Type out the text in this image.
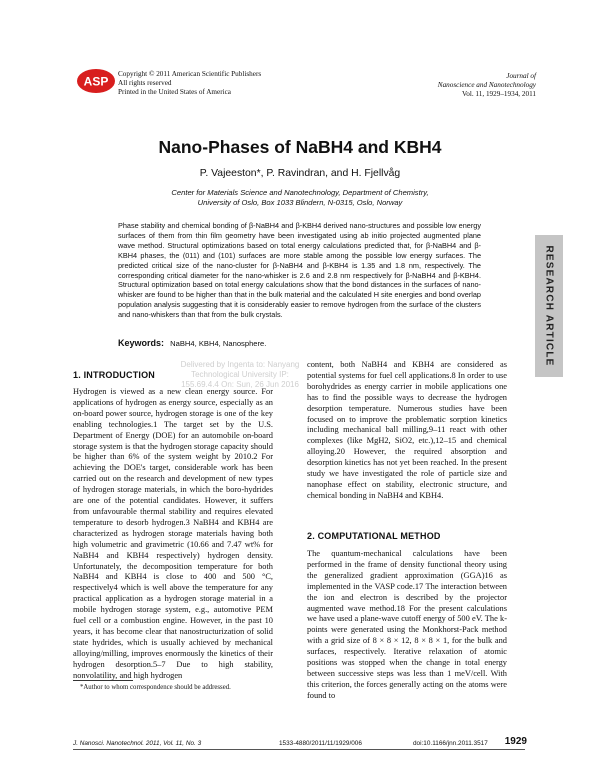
ASP
Copyright © 2011 American Scientific Publishers
All rights reserved
Printed in the United States of America
Journal of
Nanoscience and Nanotechnology
Vol. 11, 1929–1934, 2011
Nano-Phases of NaBH4 and KBH4
P. Vajeeston*, P. Ravindran, and H. Fjellvåg
Center for Materials Science and Nanotechnology, Department of Chemistry,
University of Oslo, Box 1033 Blindern, N-0315, Oslo, Norway
Phase stability and chemical bonding of β-NaBH4 and β-KBH4 derived nano-structures and possible low energy surfaces of them from thin film geometry have been investigated using ab initio projected augmented plane wave method. Structural optimizations based on total energy calculations predicted that, for β-NaBH4 and β-KBH4 phases, the (011) and (101) surfaces are more stable among the possible low energy surfaces. The predicted critical size of the nano-cluster for β-NaBH4 and β-KBH4 is 1.35 and 1.8 nm, respectively. The corresponding critical diameter for the nano-whisker is 2.6 and 2.8 nm respectively for β-NaBH4 and β-KBH4. Structural optimization based on total energy calculations show that the bond distances in the surfaces of nano-whisker are found to be higher than that in the bulk material and the calculated H site energies and bond overlap population analysis suggesting that it is considerably easier to remove hydrogen from the surface of the clusters and nano-whiskers than that from the bulk crystals.
Keywords: NaBH4, KBH4, Nanosphere.	RESEARCH ARTICLE
Delivered by Ingenta to: Nanyang Technological University IP: 155.69.4.4 On: Sun, 26 Jun 2016
1. INTRODUCTION

Hydrogen is viewed as a new clean energy source. For applications of hydrogen as energy source, especially as an on-board power source, hydrogen storage is one of the key enabling technologies.1 The target set by the U.S. Department of Energy (DOE) for an automobile on-board storage system is that the hydrogen storage capacity should be higher than 6% of the system weight by 2010.2 For achieving the DOE's target, considerable work has been carried out on the research and development of new types of hydrogen storage materials, in which the boro-hydrides are one of the potential candidates. However, it suffers from unfavourable thermal stability and requires elevated temperature to desorb hydrogen.3 NaBH4 and KBH4 are characterized as hydrogen storage materials having both high volumetric and gravimetric (10.66 and 7.47 wt% for NaBH4 and KBH4 respectively) hydrogen density. Unfortunately, the decomposition temperature for both NaBH4 and KBH4 is close to 400 and 500 °C, respectively4 which is well above the temperature for any practical application as a hydrogen storage material in a mobile hydrogen storage system, e.g., automotive PEM fuel cell or a combustion engine. However, in the past 10 years, it has become clear that nanostructurization of solid state hydrides, which is usually achieved by mechanical alloying/milling, improves enormously the kinetics of their hydrogen desorption.5–7 Due to high stability, nonvolatility, and high hydrogen

content, both NaBH4 and KBH4 are considered as potential systems for fuel cell applications.8 In order to use borohydrides as energy carrier in mobile applications one has to find the possible ways to decrease the hydrogen desorption temperature. Numerous studies have been focused on to improve the problematic sorption kinetics including mechanical ball milling,9–11 react with other complexes (like MgH2, SiO2, etc.),12–15 and chemical alloying.20 However, the required absorption and desorption kinetics has not yet been reached. In the present study we have investigated the role of particle size and nanophase effect on stability, electronic structure, and chemical bonding in NaBH4 and KBH4.

2. COMPUTATIONAL METHOD

The quantum-mechanical calculations have been performed in the frame of density functional theory using the generalized gradient approximation (GGA)16 as implemented in the VASP code.17 The interaction between the ion and electron is described by the projector augmented wave method.18 For the present calculations we have used a plane-wave cutoff energy of 500 eV. The k-points were generated using the Monkhorst-Pack method with a grid size of 8 × 8 × 12, 8 × 8 × 1, for the bulk and surfaces, respectively. Iterative relaxation of atomic positions was stopped when the change in total energy between successive steps was less than 1 meV/cell. With this criterion, the forces generally acting on the atoms were found to

*Author to whom correspondence should be addressed.
J. Nanosci. Nanotechnol. 2011, Vol. 11, No. 3	1533-4880/2011/11/1929/006	doi:10.1166/jnn.2011.3517 1929
